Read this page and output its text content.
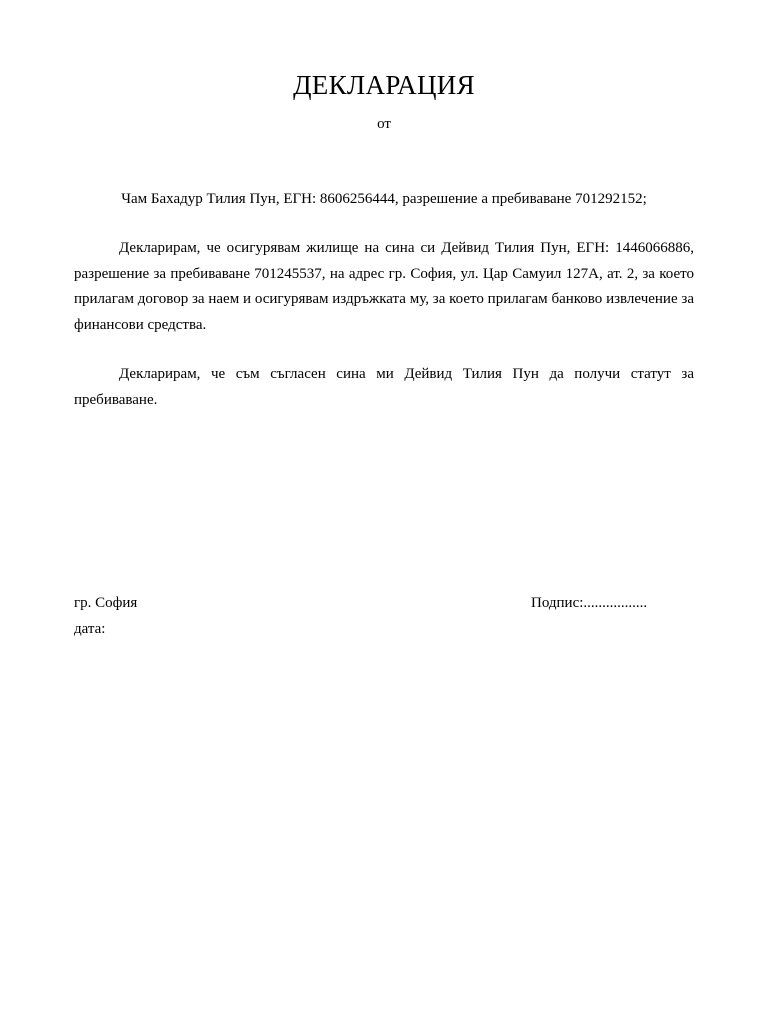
ДЕКЛАРАЦИЯ
от
Чам Бахадур Тилия Пун, ЕГН: 8606256444, разрешение а пребиваване 701292152;

Декларирам, че осигурявам жилище на сина си Дейвид Тилия Пун, ЕГН: 1446066886, разрешение за пребиваване 701245537, на адрес гр. София, ул. Цар Самуил 127А, ат. 2, за което прилагам договор за наем и осигурявам издръжката му, за което прилагам банково извлечение за финансови средства.

Декларирам, че съм съгласен сина ми Дейвид Тилия Пун да получи статут за пребиваване.

гр. София
дата:
Подпис:.................
